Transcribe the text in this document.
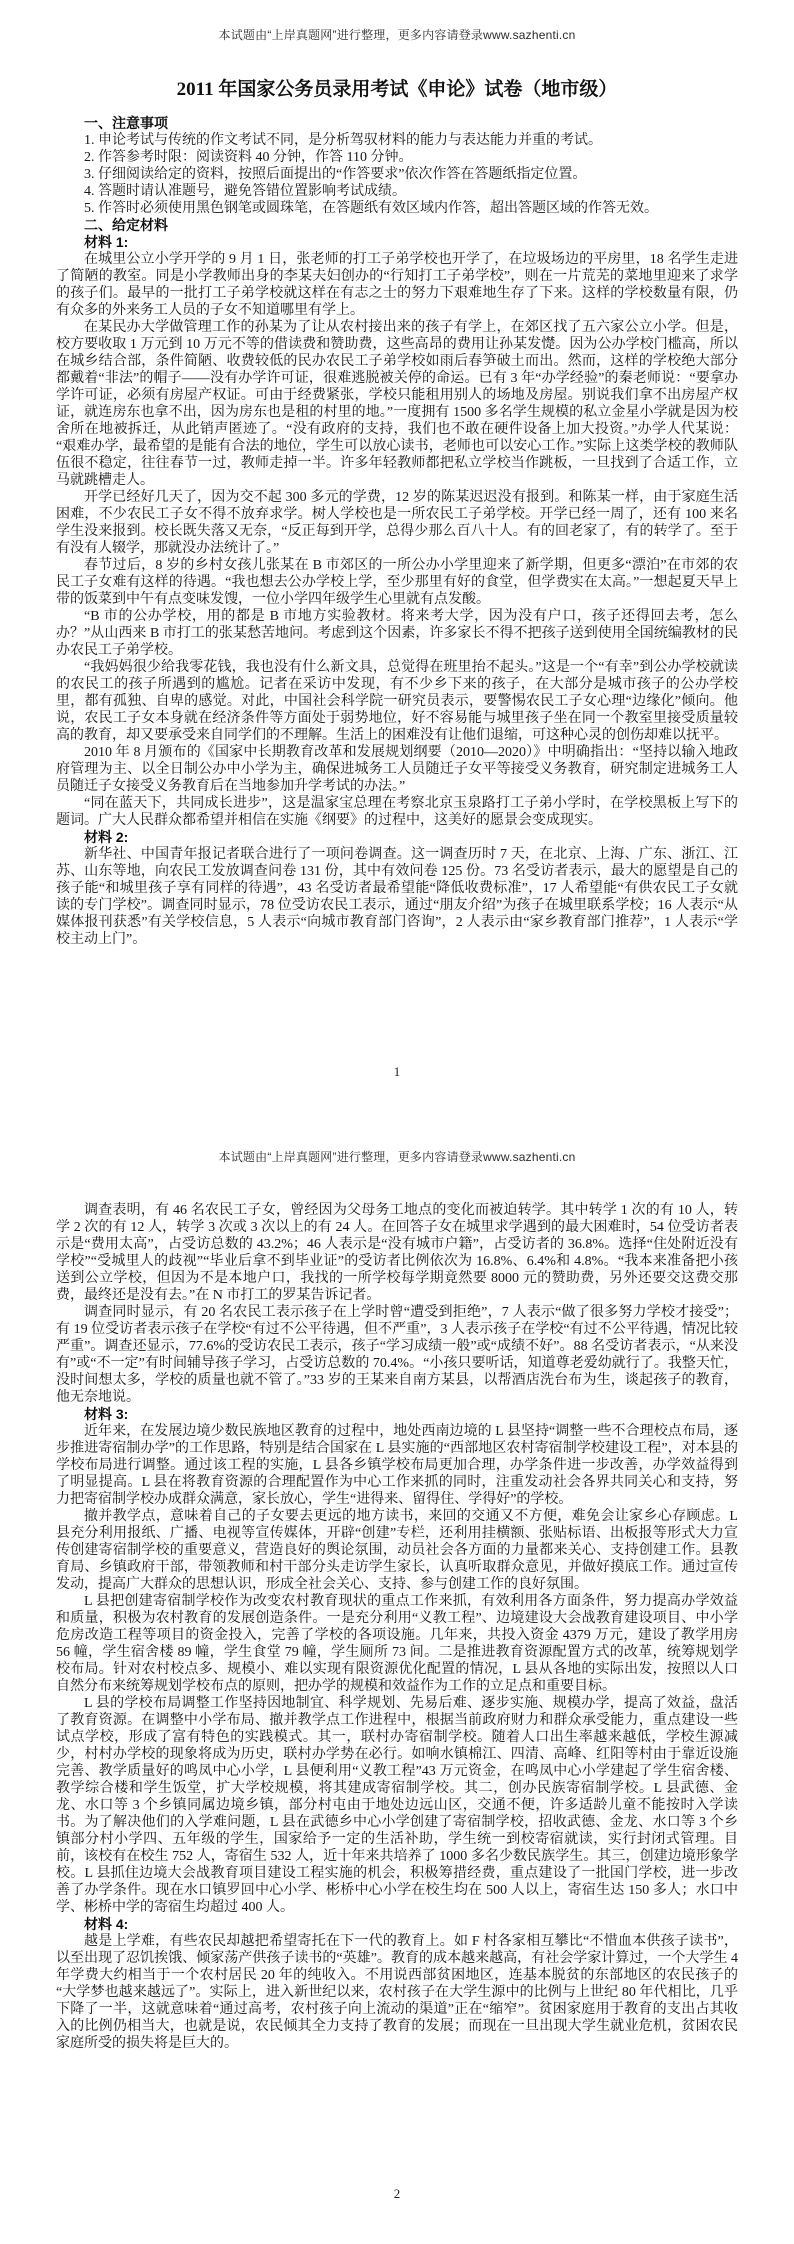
本试题由“上岸真题网”进行整理，更多内容请登录www.sazhenti.cn
2011 年国家公务员录用考试《申论》试卷（地市级）
一、注意事项
1. 申论考试与传统的作文考试不同，是分析驾驭材料的能力与表达能力并重的考试。
2. 作答参考时限：阅读资料 40 分钟，作答 110 分钟。
3. 仔细阅读给定的资料，按照后面提出的“作答要求”依次作答在答题纸指定位置。
4. 答题时请认准题号，避免答错位置影响考试成绩。
5. 作答时必须使用黑色钢笔或圆珠笔，在答题纸有效区域内作答，超出答题区域的作答无效。
二、给定材料
材料 1:
在城里公立小学开学的 9 月 1 日，张老师的打工子弟学校也开学了，在垃圾场边的平房里，18 名学生走进了简陋的教室。同是小学教师出身的李某夫妇创办的“行知打工子弟学校”，则在一片荒芜的菜地里迎来了求学的孩子们。最早的一批打工子弟学校就这样在有志之士的努力下艰难地生存了下来。这样的学校数量有限，仍有众多的外来务工人员的子女不知道哪里有学上。
在某民办大学做管理工作的孙某为了让从农村接出来的孩子有学上，在郊区找了五六家公立小学。但是，校方要收取 1 万元到 10 万元不等的借读费和赞助费，这些高昂的费用让孙某发憷。因为公办学校门槛高，所以在城乡结合部，条件简陋、收费较低的民办农民工子弟学校如雨后春笋破土而出。然而，这样的学校绝大部分都戴着“非法”的帽子——没有办学许可证，很难逃脱被关停的命运。已有 3 年“办学经验”的秦老师说：“要拿办学许可证，必须有房屋产权证。可由于经费紧张，学校只能租用别人的场地及房屋。别说我们拿不出房屋产权证，就连房东也拿不出，因为房东也是租的村里的地。”一度拥有 1500 多名学生规模的私立金星小学就是因为校舍所在地被拆迁，从此销声匿迹了。“没有政府的支持，我们也不敢在硬件设备上加大投资。”办学人代某说：“艰难办学，最希望的是能有合法的地位，学生可以放心读书，老师也可以安心工作。”实际上这类学校的教师队伍很不稳定，往往春节一过，教师走掉一半。许多年轻教师都把私立学校当作跳板，一旦找到了合适工作，立马就跳槽走人。
开学已经好几天了，因为交不起 300 多元的学费，12 岁的陈某迟迟没有报到。和陈某一样，由于家庭生活困难，不少农民工子女不得不放弃求学。树人学校也是一所农民工子弟学校。开学已经一周了，还有 100 来名学生没来报到。校长既失落又无奈，“反正每到开学，总得少那么百八十人。有的回老家了，有的转学了。至于有没有人辍学，那就没办法统计了。”
春节过后，8 岁的乡村女孩儿张某在 B 市郊区的一所公办小学里迎来了新学期，但更多“漂泊”在市郊的农民工子女难有这样的待遇。“我也想去公办学校上学，至少那里有好的食堂，但学费实在太高。”一想起夏天早上带的饭菜到中午有点变味发馊，一位小学四年级学生心里就有点发酸。
“B 市的公办学校，用的都是 B 市地方实验教材。将来考大学，因为没有户口，孩子还得回去考，怎么办？”从山西来 B 市打工的张某愁苦地问。考虑到这个因素，许多家长不得不把孩子送到使用全国统编教材的民办农民工子弟学校。
“我妈妈很少给我零花钱，我也没有什么新文具，总觉得在班里抬不起头。”这是一个“有幸”到公办学校就读的农民工的孩子所遇到的尴尬。记者在采访中发现，有不少乡下来的孩子，在大部分是城市孩子的公办学校里，都有孤独、自卑的感觉。对此，中国社会科学院一研究员表示，要警惕农民工子女心理“边缘化”倾向。他说，农民工子女本身就在经济条件等方面处于弱势地位，好不容易能与城里孩子坐在同一个教室里接受质量较高的教育，却又要承受来自同学们的不理解。生活上的困难没有让他们退缩，可这种心灵的创伤却难以抚平。
2010 年 8 月颁布的《国家中长期教育改革和发展规划纲要（2010—2020）》中明确指出：“坚持以输入地政府管理为主、以全日制公办中小学为主，确保进城务工人员随迁子女平等接受义务教育，研究制定进城务工人员随迁子女接受义务教育后在当地参加升学考试的办法。”
“同在蓝天下，共同成长进步”，这是温家宝总理在考察北京玉泉路打工子弟小学时，在学校黑板上写下的题词。广大人民群众都希望并相信在实施《纲要》的过程中，这美好的愿景会变成现实。
材料 2:
新华社、中国青年报记者联合进行了一项问卷调查。这一调查历时 7 天，在北京、上海、广东、浙江、江苏、山东等地，向农民工发放调查问卷 131 份，其中有效问卷 125 份。73 名受访者表示，最大的愿望是自己的孩子能“和城里孩子享有同样的待遇”，43 名受访者最希望能“降低收费标准”，17 人希望能“有供农民工子女就读的专门学校”。调查同时显示，78 位受访农民工表示，通过“朋友介绍”为孩子在城里联系学校；16 人表示“从媒体报刊获悉”有关学校信息，5 人表示“向城市教育部门咨询”，2 人表示由“家乡教育部门推荐”，1 人表示“学校主动上门”。
1
本试题由“上岸真题网”进行整理，更多内容请登录www.sazhenti.cn
调查表明，有 46 名农民工子女，曾经因为父母务工地点的变化而被迫转学。其中转学 1 次的有 10 人，转学 2 次的有 12 人，转学 3 次或 3 次以上的有 24 人。在回答子女在城里求学遇到的最大困难时，54 位受访者表示是“费用太高”，占受访总数的 43.2%；46 人表示是“没有城市户籍”，占受访者的 36.8%。选择“住处附近没有学校”“受城里人的歧视”“毕业后拿不到毕业证”的受访者比例依次为 16.8%、6.4%和 4.8%。“我本来准备把小孩送到公立学校，但因为不是本地户口，我找的一所学校每学期竟然要 8000 元的赞助费，另外还要交这费交那费，最终还是没有去。”在 N 市打工的罗某告诉记者。
调查同时显示，有 20 名农民工表示孩子在上学时曾“遭受到拒绝”，7 人表示“做了很多努力学校才接受”；有 19 位受访者表示孩子在学校“有过不公平待遇，但不严重”，3 人表示孩子在学校“有过不公平待遇，情况比较严重”。调查还显示，77.6%的受访农民工表示，孩子“学习成绩一般”或“成绩不好”。88 名受访者表示，“从来没有”或“不一定”有时间辅导孩子学习，占受访总数的 70.4%。“小孩只要听话，知道尊老爱幼就行了。我整天忙，没时间想太多，学校的质量也就不管了。”33 岁的王某来自南方某县，以帮酒店洗台布为生，谈起孩子的教育，他无奈地说。
材料 3:
近年来，在发展边境少数民族地区教育的过程中，地处西南边境的 L 县坚持“调整一些不合理校点布局，逐步推进寄宿制办学”的工作思路，特别是结合国家在 L 县实施的“西部地区农村寄宿制学校建设工程”，对本县的学校布局进行调整。通过该工程的实施，L 县各乡镇学校布局更加合理，办学条件进一步改善，办学效益得到了明显提高。L 县在将教育资源的合理配置作为中心工作来抓的同时，注重发动社会各界共同关心和支持，努力把寄宿制学校办成群众满意，家长放心，学生“进得来、留得住、学得好”的学校。
撤并教学点，意味着自己的子女要去更远的地方读书，来回的交通又不方便，难免会让家乡心存顾虑。L 县充分利用报纸、广播、电视等宣传媒体，开辟“创建”专栏，还利用挂横额、张贴标语、出板报等形式大力宣传创建寄宿制学校的重要意义，营造良好的舆论氛围，动员社会各方面的力量都来关心、支持创建工作。县教育局、乡镇政府干部，带领教师和村干部分头走访学生家长，认真听取群众意见，并做好摸底工作。通过宣传发动，提高广大群众的思想认识，形成全社会关心、支持、参与创建工作的良好氛围。
L 县把创建寄宿制学校作为改变农村教育现状的重点工作来抓，有效利用各方面条件，努力提高办学效益和质量，积极为农村教育的发展创造条件。一是充分利用“义教工程”、边境建设大会战教育建设项目、中小学危房改造工程等项目的资金投入，完善了学校的各项设施。几年来，共投入资金 4379 万元，建设了教学用房 56 幢，学生宿舍楼 89 幢，学生食堂 79 幢，学生厕所 73 间。二是推进教育资源配置方式的改革，统筹规划学校布局。针对农村校点多、规模小、难以实现有限资源优化配置的情况，L 县从各地的实际出发，按照以人口自然分布来统筹规划学校布点的原则，把办学的规模和效益作为工作的立足点和重要目标。
L 县的学校布局调整工作坚持因地制宜、科学规划、先易后难、逐步实施、规模办学，提高了效益，盘活了教育资源。在调整中小学布局、撤并教学点工作进程中，根据当前政府财力和群众承受能力，重点建设一些试点学校，形成了富有特色的实践模式。其一，联村办寄宿制学校。随着人口出生率越来越低，学校生源减少，村村办学校的现象将成为历史，联村办学势在必行。如响水镇棉江、四清、高峰、红阳等村由于靠近设施完善、教学质量好的鸣凤中心小学，L 县便利用“义教工程”43 万元资金，在鸣凤中心小学建起了学生宿舍楼、教学综合楼和学生饭堂，扩大学校规模，将其建成寄宿制学校。其二，创办民族寄宿制学校。L 县武德、金龙、水口等 3 个乡镇同属边境乡镇，部分村屯由于地处边远山区，交通不便，许多适龄儿童不能按时入学读书。为了解决他们的入学难问题，L 县在武德乡中心小学创建了寄宿制学校，招收武德、金龙、水口等 3 个乡镇部分村小学四、五年级的学生，国家给予一定的生活补助，学生统一到校寄宿就读，实行封闭式管理。目前，该校有在校生 752 人，寄宿生 532 人，近十年来共培养了 1000 多名少数民族学生。其三，创建边境形象学校。L 县抓住边境大会战教育项目建设工程实施的机会，积极筹措经费，重点建设了一批国门学校，进一步改善了办学条件。现在水口镇罗回中心小学、彬桥中心小学在校生均在 500 人以上，寄宿生达 150 多人；水口中学、彬桥中学的寄宿生均超过 400 人。
材料 4:
越是上学难，有些农民却越把希望寄托在下一代的教育上。如 F 村各家相互攀比“不惜血本供孩子读书”，以至出现了忍饥挨饿、倾家荡产供孩子读书的“英雄”。教育的成本越来越高，有社会学家计算过，一个大学生 4 年学费大约相当于一个农村居民 20 年的纯收入。不用说西部贫困地区，连基本脱贫的东部地区的农民孩子的“大学梦也越来越远了”。实际上，进入新世纪以来，农村孩子在大学生源中的比例与上世纪 80 年代相比，几乎下降了一半，这就意味着“通过高考，农村孩子向上流动的渠道”正在“缩窄”。贫困家庭用于教育的支出占其收入的比例仍相当大，也就是说，农民倾其全力支持了教育的发展；而现在一旦出现大学生就业危机，贫困农民家庭所受的损失将是巨大的。
2
